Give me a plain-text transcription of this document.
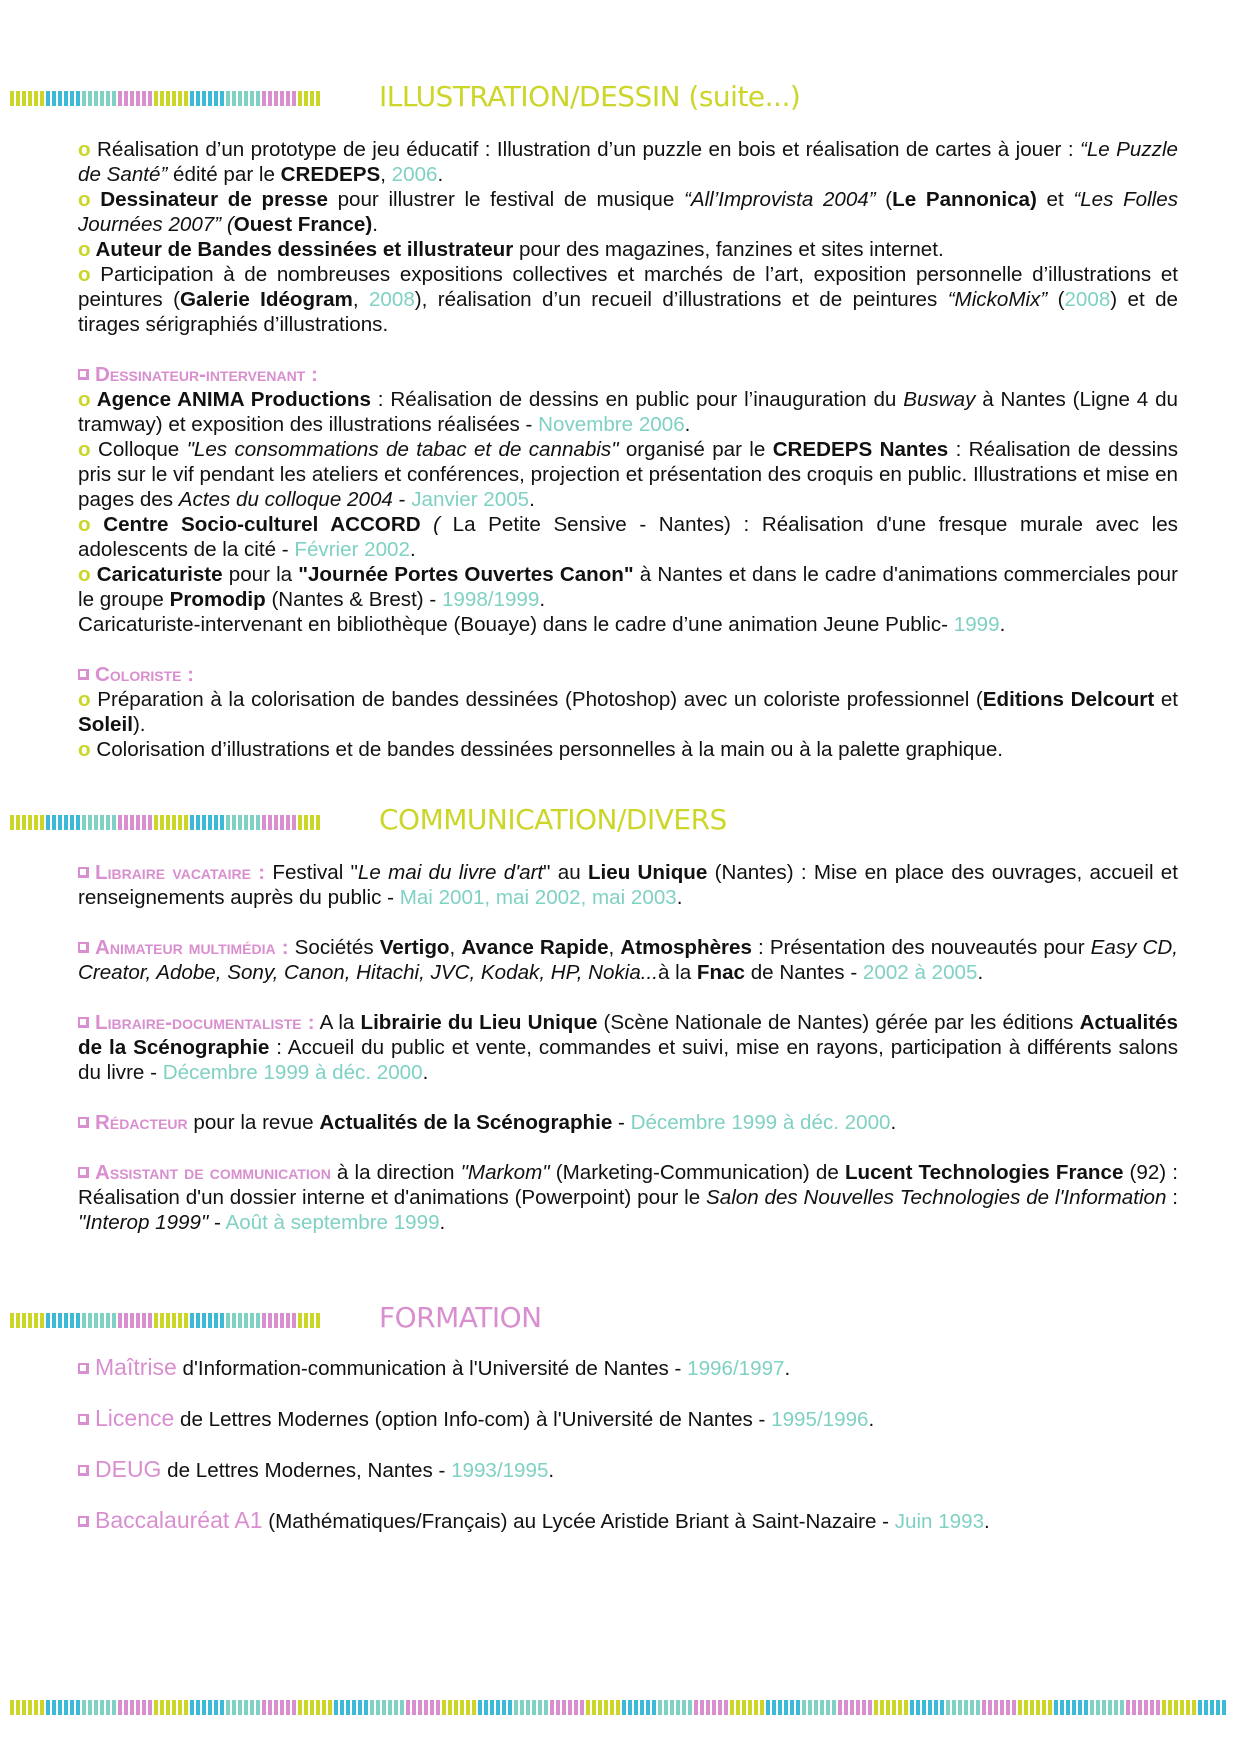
ILLUSTRATION/DESSIN (suite...)

o Réalisation d’un prototype de jeu éducatif : Illustration d’un puzzle en bois et réalisation de cartes à jouer : “Le Puzzle de Santé” édité par le CREDEPS, 2006.

o Dessinateur de presse pour illustrer le festival de musique “All’Improvista 2004” (Le Pannonica) et “Les Folles Journées 2007” (Ouest France).

o Auteur de Bandes dessinées et illustrateur pour des magazines, fanzines et sites internet.

o Participation à de nombreuses expositions collectives et marchés de l’art, exposition personnelle d’illustrations et peintures (Galerie Idéogram, 2008), réalisation d’un recueil d’illustrations et de peintures “MickoMix” (2008) et de tirages sérigraphiés d’illustrations.

Dessinateur-intervenant :

o Agence ANIMA Productions : Réalisation de dessins en public pour l’inauguration du Busway à Nantes (Ligne 4 du tramway) et exposition des illustrations réalisées - Novembre 2006.

o Colloque "Les consommations de tabac et de cannabis" organisé par le CREDEPS Nantes : Réalisation de dessins pris sur le vif pendant les ateliers et conférences, projection et présentation des croquis en public. Illustrations et mise en pages des Actes du colloque 2004 - Janvier 2005.

o Centre Socio-culturel ACCORD ( La Petite Sensive - Nantes) : Réalisation d'une fresque murale avec les adolescents de la cité - Février 2002.

o Caricaturiste pour la "Journée Portes Ouvertes Canon" à Nantes et dans le cadre d'animations commerciales pour le groupe Promodip (Nantes & Brest) - 1998/1999.

Caricaturiste-intervenant en bibliothèque (Bouaye) dans le cadre d’une animation Jeune Public- 1999.

Coloriste :

o Préparation à la colorisation de bandes dessinées (Photoshop) avec un coloriste professionnel (Editions Delcourt et Soleil).

o Colorisation d’illustrations et de bandes dessinées personnelles à la main ou à la palette graphique.

COMMUNICATION/DIVERS

Libraire vacataire : Festival "Le mai du livre d'art" au Lieu Unique (Nantes) : Mise en place des ouvrages, accueil et renseignements auprès du public - Mai 2001, mai 2002, mai 2003.

Animateur multimédia : Sociétés Vertigo, Avance Rapide, Atmosphères : Présentation des nouveautés pour Easy CD, Creator, Adobe, Sony, Canon, Hitachi, JVC, Kodak, HP, Nokia...à la Fnac de Nantes - 2002 à 2005.

Libraire-documentaliste : A la Librairie du Lieu Unique (Scène Nationale de Nantes) gérée par les éditions Actualités de la Scénographie : Accueil du public et vente, commandes et suivi, mise en rayons, participation à différents salons du livre - Décembre 1999 à déc. 2000.

Rédacteur pour la revue Actualités de la Scénographie - Décembre 1999 à déc. 2000.

Assistant de communication à la direction "Markom" (Marketing-Communication) de Lucent Technologies France (92) : Réalisation d'un dossier interne et d'animations (Powerpoint) pour le Salon des Nouvelles Technologies de l'Information : "Interop 1999" - Août à septembre 1999.

FORMATION

Maîtrise d'Information-communication à l'Université de Nantes - 1996/1997.

Licence de Lettres Modernes (option Info-com) à l'Université de Nantes - 1995/1996.

DEUG de Lettres Modernes, Nantes - 1993/1995.

Baccalauréat A1 (Mathématiques/Français) au Lycée Aristide Briant à Saint-Nazaire - Juin 1993.
